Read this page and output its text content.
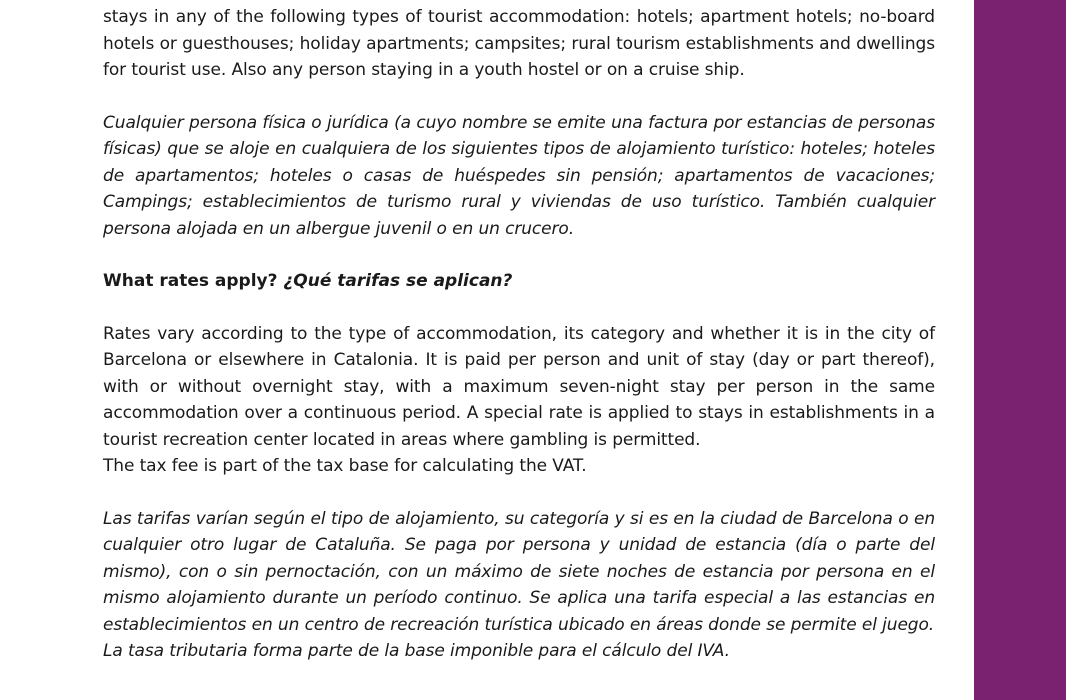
stays in any of the following types of tourist accommodation: hotels; apartment hotels; no-board hotels or guesthouses; holiday apartments; campsites; rural tourism establishments and dwellings for tourist use. Also any person staying in a youth hostel or on a cruise ship.

Cualquier persona física o jurídica (a cuyo nombre se emite una factura por estancias de personas físicas) que se aloje en cualquiera de los siguientes tipos de alojamiento turístico: hoteles; hoteles de apartamentos; hoteles o casas de huéspedes sin pensión; apartamentos de vacaciones; Campings; establecimientos de turismo rural y viviendas de uso turístico. También cualquier persona alojada en un albergue juvenil o en un crucero.

What rates apply? ¿Qué tarifas se aplican?

Rates vary according to the type of accommodation, its category and whether it is in the city of Barcelona or elsewhere in Catalonia. It is paid per person and unit of stay (day or part thereof), with or without overnight stay, with a maximum seven-night stay per person in the same accommodation over a continuous period. A special rate is applied to stays in establishments in a tourist recreation center located in areas where gambling is permitted.

The tax fee is part of the tax base for calculating the VAT.

Las tarifas varían según el tipo de alojamiento, su categoría y si es en la ciudad de Barcelona o en cualquier otro lugar de Cataluña. Se paga por persona y unidad de estancia (día o parte del mismo), con o sin pernoctación, con un máximo de siete noches de estancia por persona en el mismo alojamiento durante un período continuo. Se aplica una tarifa especial a las estancias en establecimientos en un centro de recreación turística ubicado en áreas donde se permite el juego.

La tasa tributaria forma parte de la base imponible para el cálculo del IVA.
